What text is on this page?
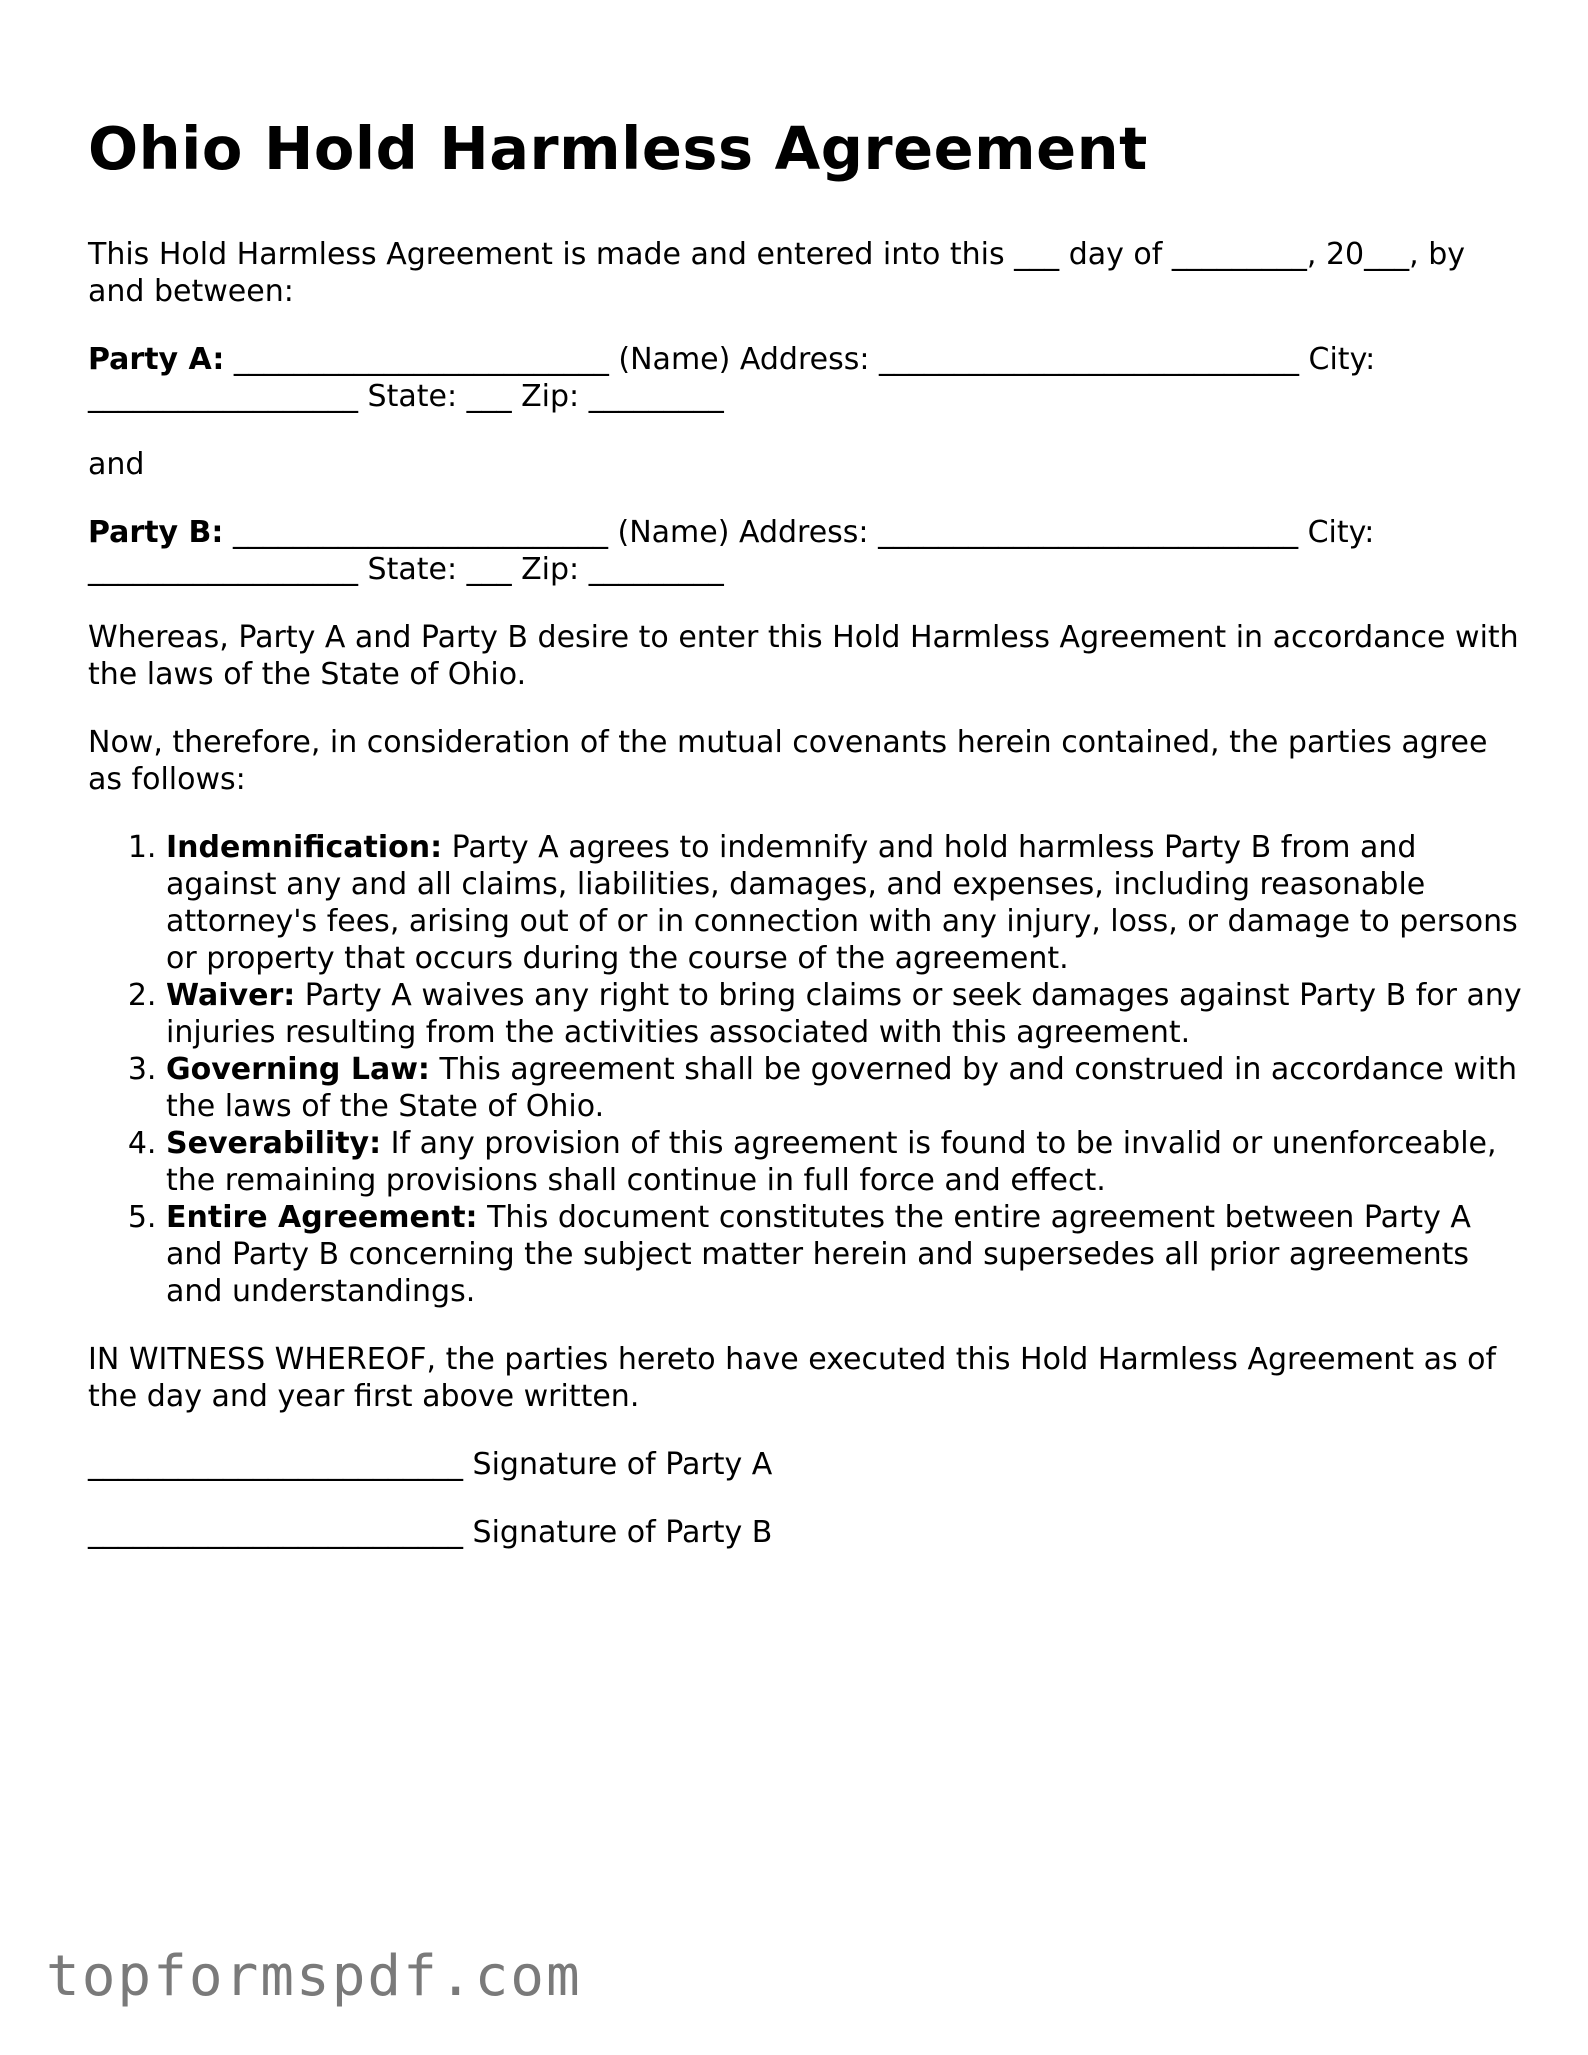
Ohio Hold Harmless Agreement

This Hold Harmless Agreement is made and entered into this ___ day of _________, 20___, by and between:

Party A: _________________________ (Name) Address: ____________________________ City: __________________ State: ___ Zip: _________

and

Party B: _________________________ (Name) Address: ____________________________ City: __________________ State: ___ Zip: _________

Whereas, Party A and Party B desire to enter this Hold Harmless Agreement in accordance with the laws of the State of Ohio.

Now, therefore, in consideration of the mutual covenants herein contained, the parties agree as follows:

1. Indemnification: Party A agrees to indemnify and hold harmless Party B from and against any and all claims, liabilities, damages, and expenses, including reasonable attorney's fees, arising out of or in connection with any injury, loss, or damage to persons or property that occurs during the course of the agreement.
2. Waiver: Party A waives any right to bring claims or seek damages against Party B for any injuries resulting from the activities associated with this agreement.
3. Governing Law: This agreement shall be governed by and construed in accordance with the laws of the State of Ohio.
4. Severability: If any provision of this agreement is found to be invalid or unenforceable, the remaining provisions shall continue in full force and effect.
5. Entire Agreement: This document constitutes the entire agreement between Party A and Party B concerning the subject matter herein and supersedes all prior agreements and understandings.

IN WITNESS WHEREOF, the parties hereto have executed this Hold Harmless Agreement as of the day and year first above written.

_________________________ Signature of Party A

_________________________ Signature of Party B

topformspdf.com
